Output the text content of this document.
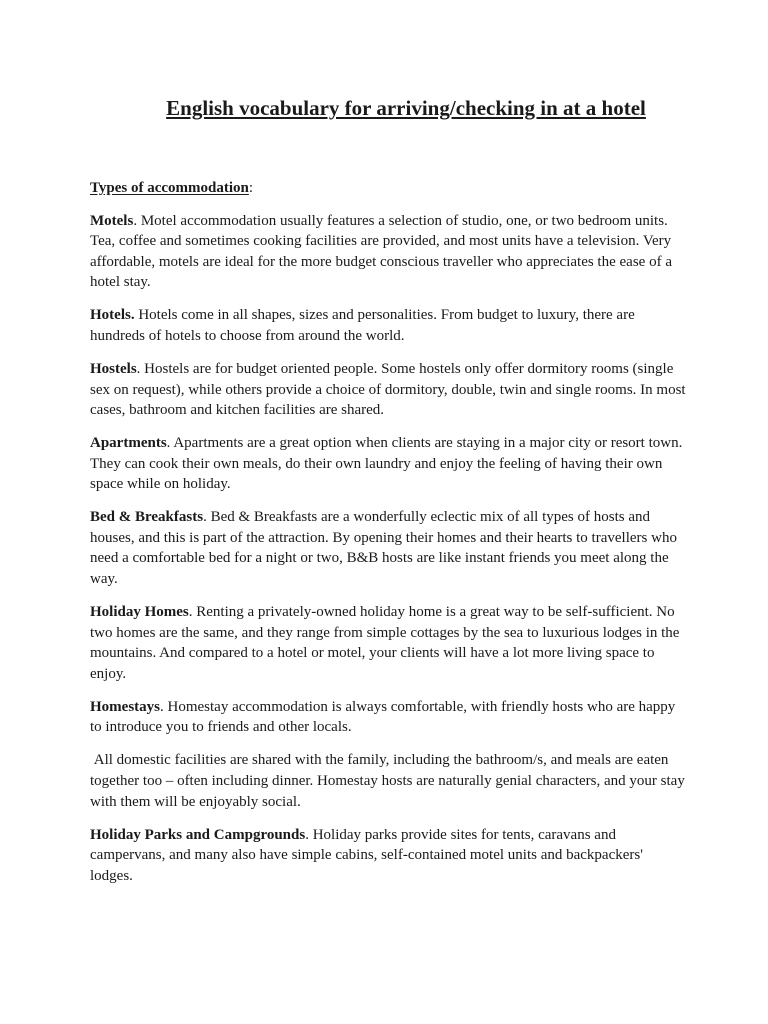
English vocabulary for arriving/checking in at a hotel

Types of accommodation:

Motels. Motel accommodation usually features a selection of studio, one, or two bedroom units. Tea, coffee and sometimes cooking facilities are provided, and most units have a television. Very affordable, motels are ideal for the more budget conscious traveller who appreciates the ease of a hotel stay.

Hotels. Hotels come in all shapes, sizes and personalities. From budget to luxury, there are hundreds of hotels to choose from around the world.

Hostels. Hostels are for budget oriented people. Some hostels only offer dormitory rooms (single sex on request), while others provide a choice of dormitory, double, twin and single rooms. In most cases, bathroom and kitchen facilities are shared.

Apartments. Apartments are a great option when clients are staying in a major city or resort town. They can cook their own meals, do their own laundry and enjoy the feeling of having their own space while on holiday.

Bed & Breakfasts. Bed & Breakfasts are a wonderfully eclectic mix of all types of hosts and houses, and this is part of the attraction. By opening their homes and their hearts to travellers who need a comfortable bed for a night or two, B&B hosts are like instant friends you meet along the way.

Holiday Homes. Renting a privately-owned holiday home is a great way to be self-sufficient. No two homes are the same, and they range from simple cottages by the sea to luxurious lodges in the mountains. And compared to a hotel or motel, your clients will have a lot more living space to enjoy.

Homestays. Homestay accommodation is always comfortable, with friendly hosts who are happy to introduce you to friends and other locals.

All domestic facilities are shared with the family, including the bathroom/s, and meals are eaten together too – often including dinner. Homestay hosts are naturally genial characters, and your stay with them will be enjoyably social.

Holiday Parks and Campgrounds. Holiday parks provide sites for tents, caravans and campervans, and many also have simple cabins, self-contained motel units and backpackers' lodges.
